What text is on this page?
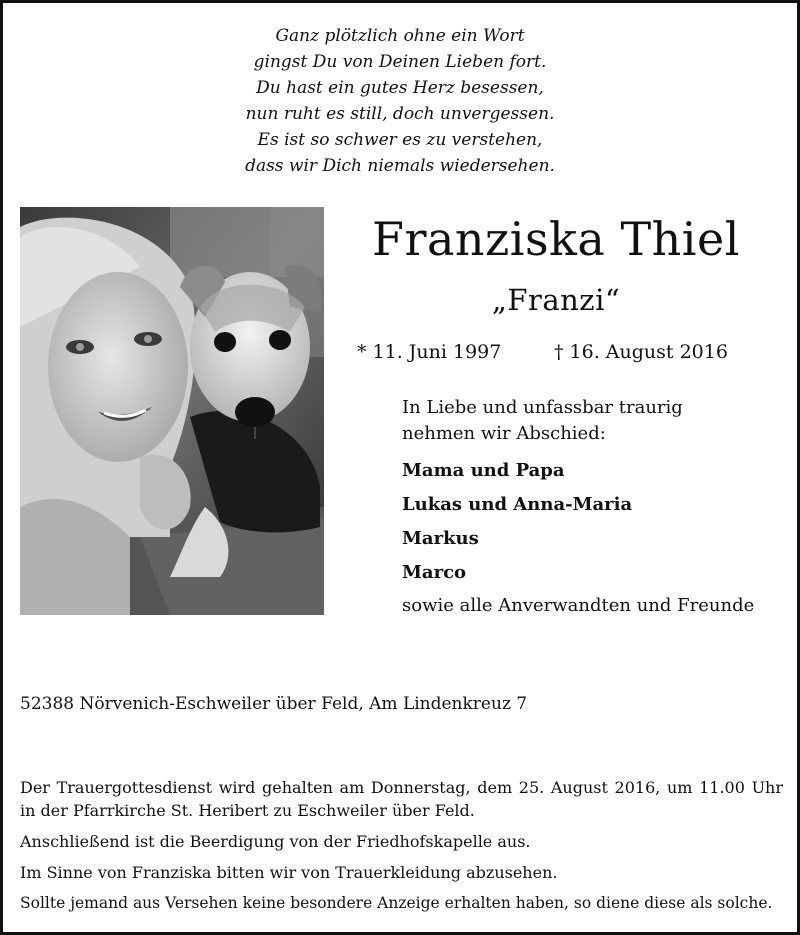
Ganz plötzlich ohne ein Wort
gingst Du von Deinen Lieben fort.
Du hast ein gutes Herz besessen,
nun ruht es still, doch unvergessen.
Es ist so schwer es zu verstehen,
dass wir Dich niemals wiedersehen.
Franziska Thiel
„Franzi“
* 11. Juni 1997	† 16. August 2016
In Liebe und unfassbar traurig
nehmen wir Abschied:
Mama und Papa
Lukas und Anna-Maria
Markus
Marco
sowie alle Anverwandten und Freunde
52388 Nörvenich-Eschweiler über Feld, Am Lindenkreuz 7
Der Trauergottesdienst wird gehalten am Donnerstag, dem 25. August 2016, um 11.00 Uhr in der Pfarrkirche St. Heribert zu Eschweiler über Feld.
Anschließend ist die Beerdigung von der Friedhofskapelle aus.
Im Sinne von Franziska bitten wir von Trauerkleidung abzusehen.
Sollte jemand aus Versehen keine besondere Anzeige erhalten haben, so diene diese als solche.
